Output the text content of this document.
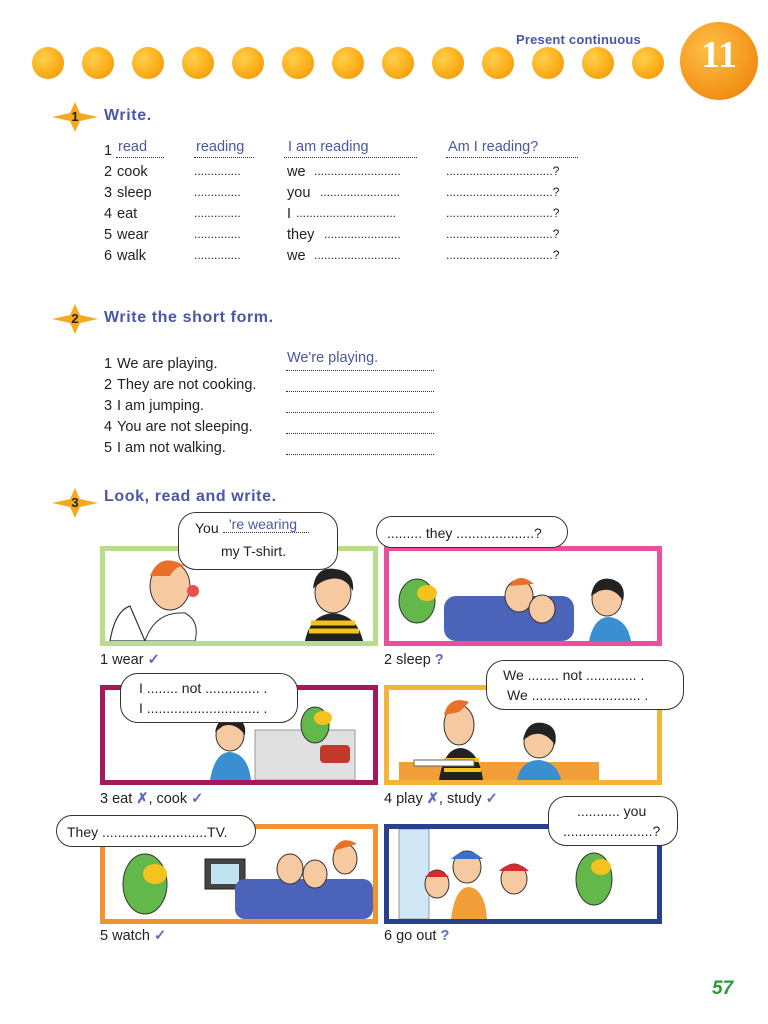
Present continuous	11
1	Write.
1 read	reading	I am reading	Am I reading?
2 cook	..............	we ..........................	................................?
3 sleep	..............	you ........................	................................?
4 eat	..............	I ..............................	................................?
5 wear	..............	they .......................	................................?
6 walk	..............	we ..........................	................................?
2	Write the short form.
1 We are playing.	We're playing.
2 They are not cooking.
3 I am jumping.
4 You are not sleeping.
5 I am not walking.
3	Look, read and write.
You 're wearing
my T-shirt.
1 wear ✓
......... they ....................?
2 sleep ?
I ........ not .............. .
I ............................. .
3 eat ✗, cook ✓
We ........ not ............. .
We ............................ .
4 play ✗, study ✓
They ...........................TV.
5 watch ✓
........... you
.......................?
6 go out ?
57
